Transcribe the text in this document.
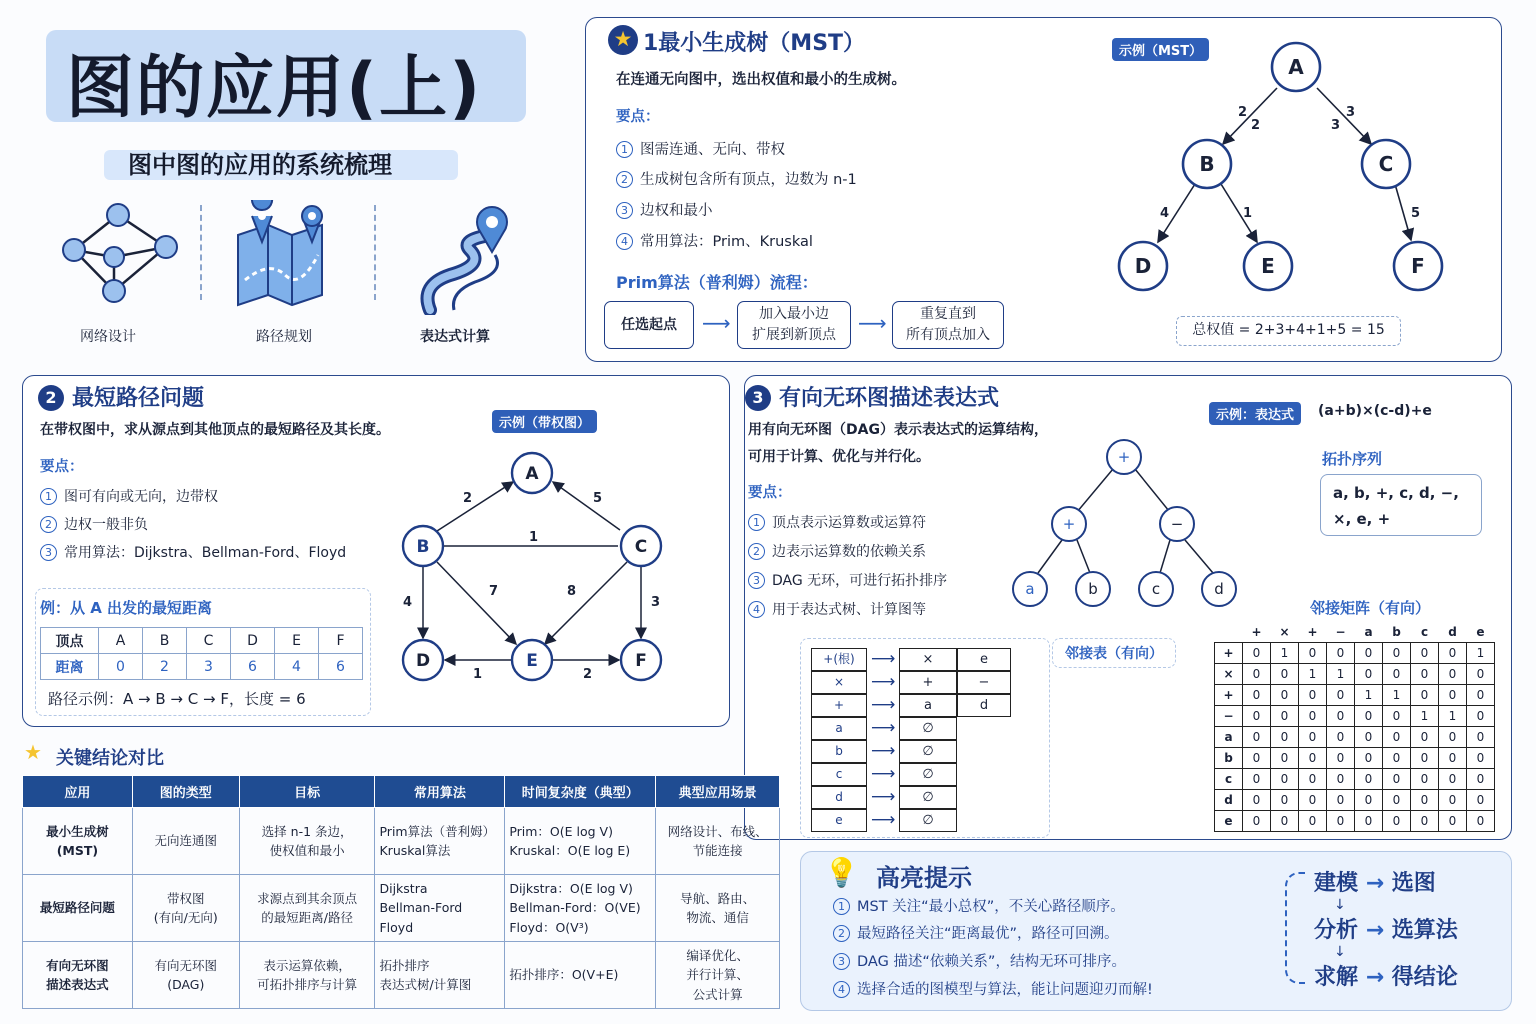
图的应用(上)
图中图的应用的系统梳理
网络设计	路径规划	表达式计算
★ 1最小生成树（MST）
在连通无向图中，选出权值和最小的生成树。
要点：
1 图需连通、无向、带权
2 生成树包含所有顶点，边数为 n-1
3 边权和最小
4 常用算法：Prim、Kruskal
Prim算法（普利姆）流程：
任选起点	⟶	加入最小边
扩展到新顶点	⟶	重复直到
所有顶点加入
示例（MST）
A
B	C
D	E	F
2
2
3
3
4	1	5
总权值 = 2+3+4+1+5 = 15
2 最短路径问题
在带权图中，求从源点到其他顶点的最短路径及其长度。
要点：
1 图可有向或无向，边带权
2 边权一般非负
3 常用算法：Dijkstra、Bellman-Ford、Floyd
例：从 A 出发的最短距离
顶点	A	B	C	D	E	F
距离	0	2	3	6	4	6
路径示例：A → B → C → F，长度 = 6
示例（带权图）
A
B	C
D	E	F
2	5
1
4
7	8
3
1	2
3 有向无环图描述表达式
用有向无环图（DAG）表示表达式的运算结构，
可用于计算、优化与并行化。
要点：
1 顶点表示运算数或运算符
2 边表示运算数的依赖关系
3 DAG 无环，可进行拓扑排序
4 用于表达式树、计算图等
示例：表达式	(a+b)×(c-d)+e
+
+	−
a	b	c	d
拓扑序列
a, b, +, c, d, −,
×, e, +
邻接表（有向）
+(根) ⟶	×	e
×	⟶	+	−
+	⟶	a	d
a	⟶	∅
b	⟶	∅
c	⟶	∅
d	⟶	∅
e	⟶	∅
邻接矩阵（有向）
	+	×	+	−	a	b	c	d	e
+	0	1	0	0	0	0	0	0	1
×	0	0	1	1	0	0	0	0	0
+	0	0	0	0	1	1	0	0	0
−	0	0	0	0	0	0	1	1	0
a	0	0	0	0	0	0	0	0	0
b	0	0	0	0	0	0	0	0	0
c	0	0	0	0	0	0	0	0	0
d	0	0	0	0	0	0	0	0	0
e	0	0	0	0	0	0	0	0	0
★ 关键结论对比
应用	图的类型	目标	常用算法	时间复杂度（典型）	典型应用场景
最小生成树
(MST)	无向连通图	选择 n-1 条边，
使权值和最小	Prim算法（普利姆）
Kruskal算法	Prim：O(E log V)
Kruskal：O(E log E)	网络设计、布线、
节能连接
最短路径问题	带权图
(有向/无向)	求源点到其余顶点
的最短距离/路径	Dijkstra
Bellman-Ford
Floyd	Dijkstra：O(E log V)
Bellman-Ford：O(VE)
Floyd：O(V³)	导航、路由、
物流、通信
有向无环图
描述表达式	有向无环图
(DAG)	表示运算依赖，
可拓扑排序与计算	拓扑排序
表达式树/计算图	拓扑排序：O(V+E)	编译优化、
并行计算、
公式计算
💡 高亮提示
1 MST 关注“最小总权”，不关心路径顺序。
2 最短路径关注“距离最优”，路径可回溯。
3 DAG 描述“依赖关系”，结构无环可排序。
4 选择合适的图模型与算法，能让问题迎刃而解!
建模 → 选图
↓
分析 → 选算法
↓
求解 → 得结论
